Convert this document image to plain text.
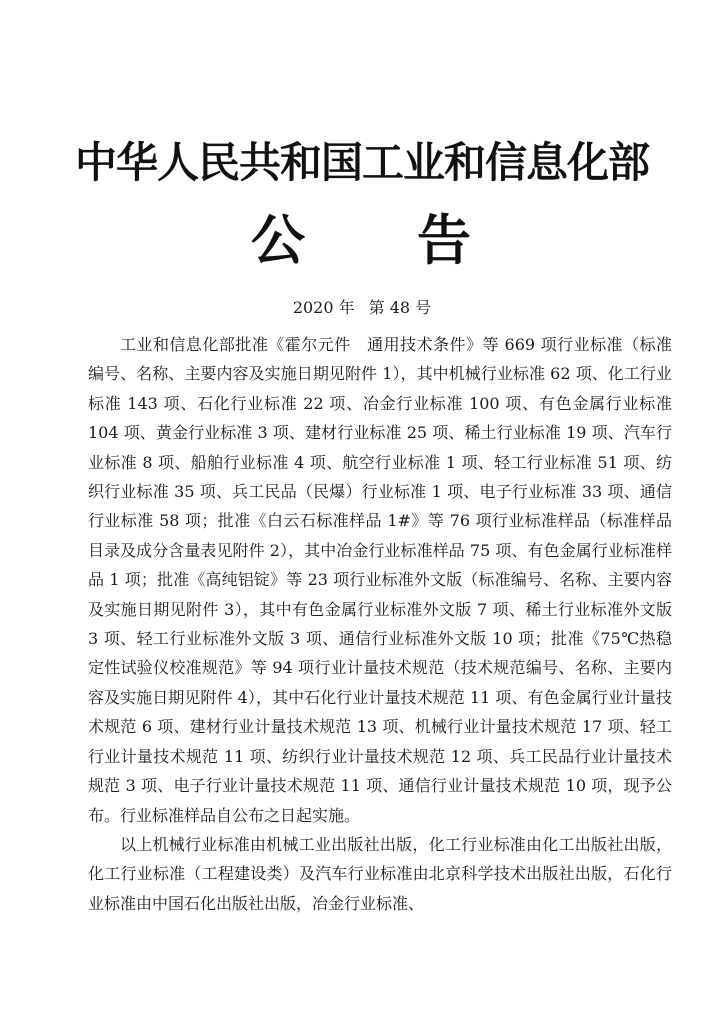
中华人民共和国工业和信息化部
公 告
2020 年 第 48 号

工业和信息化部批准《霍尔元件　通用技术条件》等 669 项行业标准（标准编号、名称、主要内容及实施日期见附件 1），其中机械行业标准 62 项、化工行业标准 143 项、石化行业标准 22 项、冶金行业标准 100 项、有色金属行业标准 104 项、黄金行业标准 3 项、建材行业标准 25 项、稀土行业标准 19 项、汽车行业标准 8 项、船舶行业标准 4 项、航空行业标准 1 项、轻工行业标准 51 项、纺织行业标准 35 项、兵工民品（民爆）行业标准 1 项、电子行业标准 33 项、通信行业标准 58 项；批准《白云石标准样品 1#》等 76 项行业标准样品（标准样品目录及成分含量表见附件 2），其中冶金行业标准样品 75 项、有色金属行业标准样品 1 项；批准《高纯铝锭》等 23 项行业标准外文版（标准编号、名称、主要内容及实施日期见附件 3），其中有色金属行业标准外文版 7 项、稀土行业标准外文版 3 项、轻工行业标准外文版 3 项、通信行业标准外文版 10 项；批准《75℃热稳定性试验仪校准规范》等 94 项行业计量技术规范（技术规范编号、名称、主要内容及实施日期见附件 4），其中石化行业计量技术规范 11 项、有色金属行业计量技术规范 6 项、建材行业计量技术规范 13 项、机械行业计量技术规范 17 项、轻工行业计量技术规范 11 项、纺织行业计量技术规范 12 项、兵工民品行业计量技术规范 3 项、电子行业计量技术规范 11 项、通信行业计量技术规范 10 项，现予公布。行业标准样品自公布之日起实施。

以上机械行业标准由机械工业出版社出版，化工行业标准由化工出版社出版，化工行业标准（工程建设类）及汽车行业标准由北京科学技术出版社出版，石化行业标准由中国石化出版社出版，冶金行业标准、
